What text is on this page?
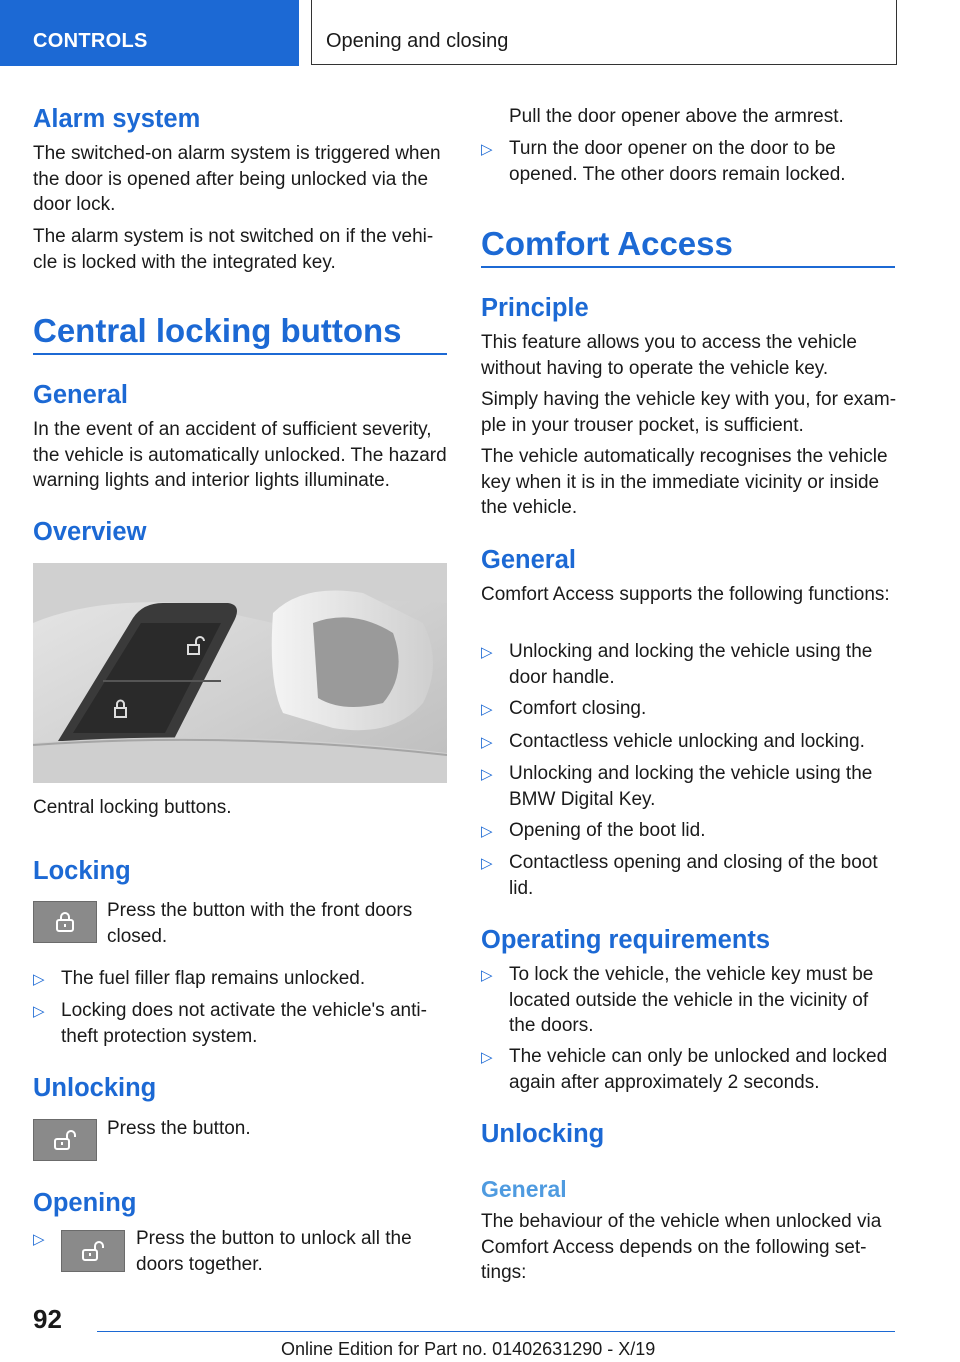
CONTROLS	Opening and closing
Alarm system

The switched-on alarm system is triggered when the door is opened after being unlocked via the door lock.

The alarm system is not switched on if the vehicle is locked with the integrated key.

Central locking buttons
General

In the event of an accident of sufficient severity, the vehicle is automatically unlocked. The hazard warning lights and interior lights illuminate.

Overview

Central locking buttons.

Locking

Press the button with the front doors closed.

▷ The fuel filler flap remains unlocked.

▷ Locking does not activate the vehicle's anti-theft protection system.

Unlocking

Press the button.

Opening
▷	Press the button to unlock all the doors together.

Pull the door opener above the armrest.

▷ Turn the door opener on the door to be opened. The other doors remain locked.

Comfort Access
Principle

This feature allows you to access the vehicle without having to operate the vehicle key.

Simply having the vehicle key with you, for example in your trouser pocket, is sufficient.

The vehicle automatically recognises the vehicle key when it is in the immediate vicinity or inside the vehicle.

General

Comfort Access supports the following functions:

▷ Unlocking and locking the vehicle using the door handle.

▷ Comfort closing.

▷ Contactless vehicle unlocking and locking.

▷ Unlocking and locking the vehicle using the BMW Digital Key.

▷ Opening of the boot lid.

▷ Contactless opening and closing of the boot lid.

Operating requirements
▷ To lock the vehicle, the vehicle key must be located outside the vehicle in the vicinity of the doors.

▷ The vehicle can only be unlocked and locked again after approximately 2 seconds.

Unlocking
General

The behaviour of the vehicle when unlocked via Comfort Access depends on the following settings:

92
Online Edition for Part no. 01402631290 - X/19
